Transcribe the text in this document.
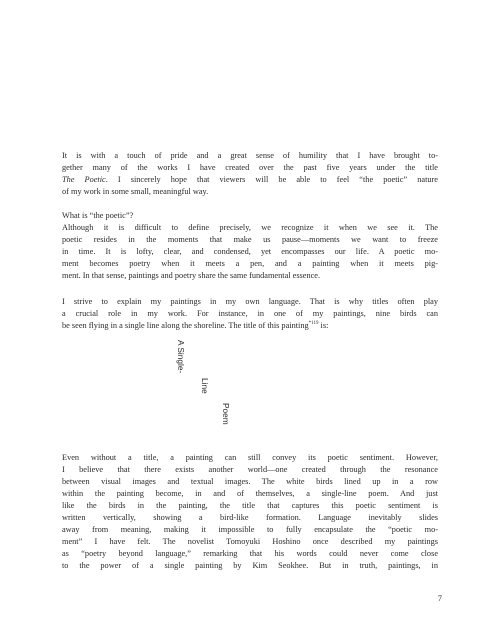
It is with a touch of pride and a great sense of humility that I have brought to-
gether many of the works I have created over the past five years under the title
The Poetic. I sincerely hope that viewers will be able to feel “the poetic” nature
of my work in some small, meaningful way.
What is “the poetic”?
Although it is difficult to define precisely, we recognize it when we see it. The
poetic resides in the moments that make us pause—moments we want to freeze
in time. It is lofty, clear, and condensed, yet encompasses our life. A poetic mo-
ment becomes poetry when it meets a pen, and a painting when it meets pig-
ment. In that sense, paintings and poetry share the same fundamental essence.
I strive to explain my paintings in my own language. That is why titles often play
a crucial role in my work. For instance, in one of my paintings, nine birds can
be seen flying in a single line along the shoreline. The title of this painting$^{*119}$ is:
A Single-
Line
Poem
Even without a title, a painting can still convey its poetic sentiment. However,
I believe that there exists another world—one created through the resonance
between visual images and textual images. The white birds lined up in a row
within the painting become, in and of themselves, a single-line poem. And just
like the birds in the painting, the title that captures this poetic sentiment is
written vertically, showing a bird-like formation. Language inevitably slides
away from meaning, making it impossible to fully encapsulate the “poetic mo-
ment” I have felt. The novelist Tomoyuki Hoshino once described my paintings
as “poetry beyond language,” remarking that his words could never come close
to the power of a single painting by Kim Seokhee. But in truth, paintings, in
7
